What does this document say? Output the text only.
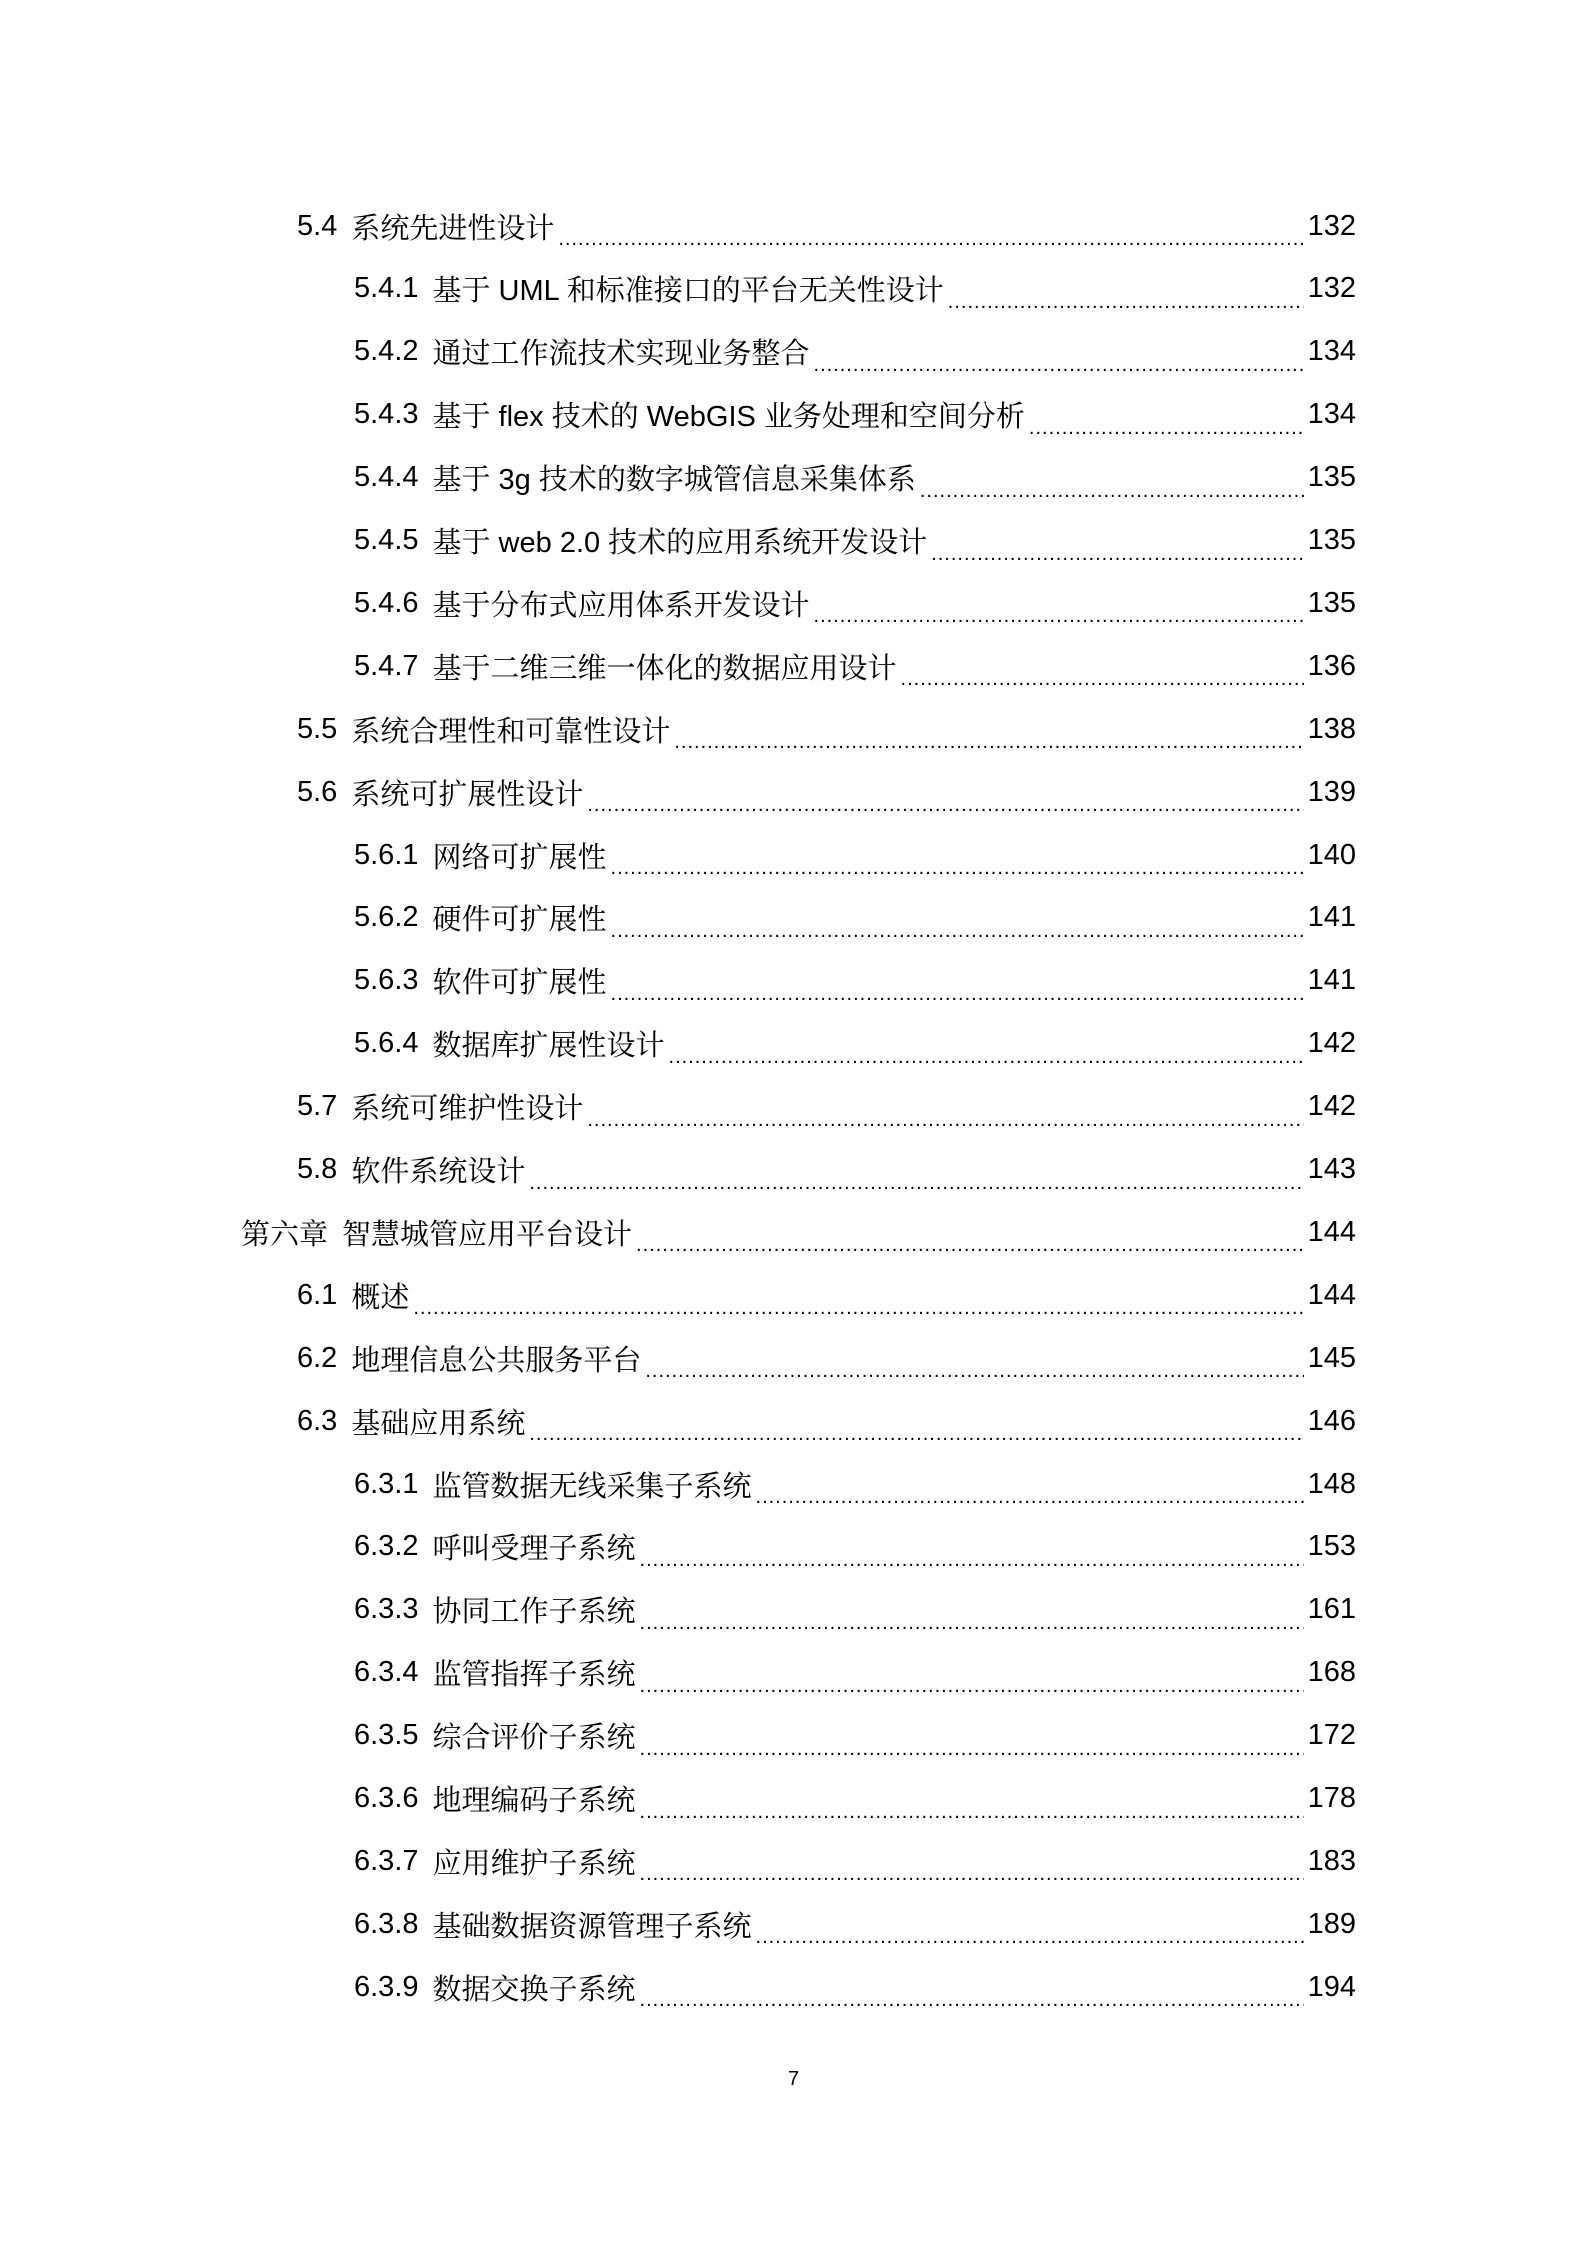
5.4 系统先进性设计 .....	132
5.4.1 基于 UML 和标准接口的平台无关性设计 .....	132
5.4.2 通过工作流技术实现业务整合 .....	134
5.4.3 基于 flex 技术的 WebGIS 业务处理和空间分析 .....	134
5.4.4 基于 3g 技术的数字城管信息采集体系 .....	135
5.4.5 基于 web 2.0 技术的应用系统开发设计 .....	135
5.4.6 基于分布式应用体系开发设计 .....	135
5.4.7 基于二维三维一体化的数据应用设计 .....	136
5.5 系统合理性和可靠性设计 .....	138
5.6 系统可扩展性设计 .....	139
5.6.1 网络可扩展性 .....	140
5.6.2 硬件可扩展性 .....	141
5.6.3 软件可扩展性 .....	141
5.6.4 数据库扩展性设计 .....	142
5.7 系统可维护性设计 .....	142
5.8 软件系统设计 .....	143
第六章 智慧城管应用平台设计 .....	144
6.1 概述 .....	144
6.2 地理信息公共服务平台 .....	145
6.3 基础应用系统 .....	146
6.3.1 监管数据无线采集子系统 .....	148
6.3.2 呼叫受理子系统 .....	153
6.3.3 协同工作子系统 .....	161
6.3.4 监管指挥子系统 .....	168
6.3.5 综合评价子系统 .....	172
6.3.6 地理编码子系统 .....	178
6.3.7 应用维护子系统 .....	183
6.3.8 基础数据资源管理子系统 .....	189
6.3.9 数据交换子系统 .....	194
7
